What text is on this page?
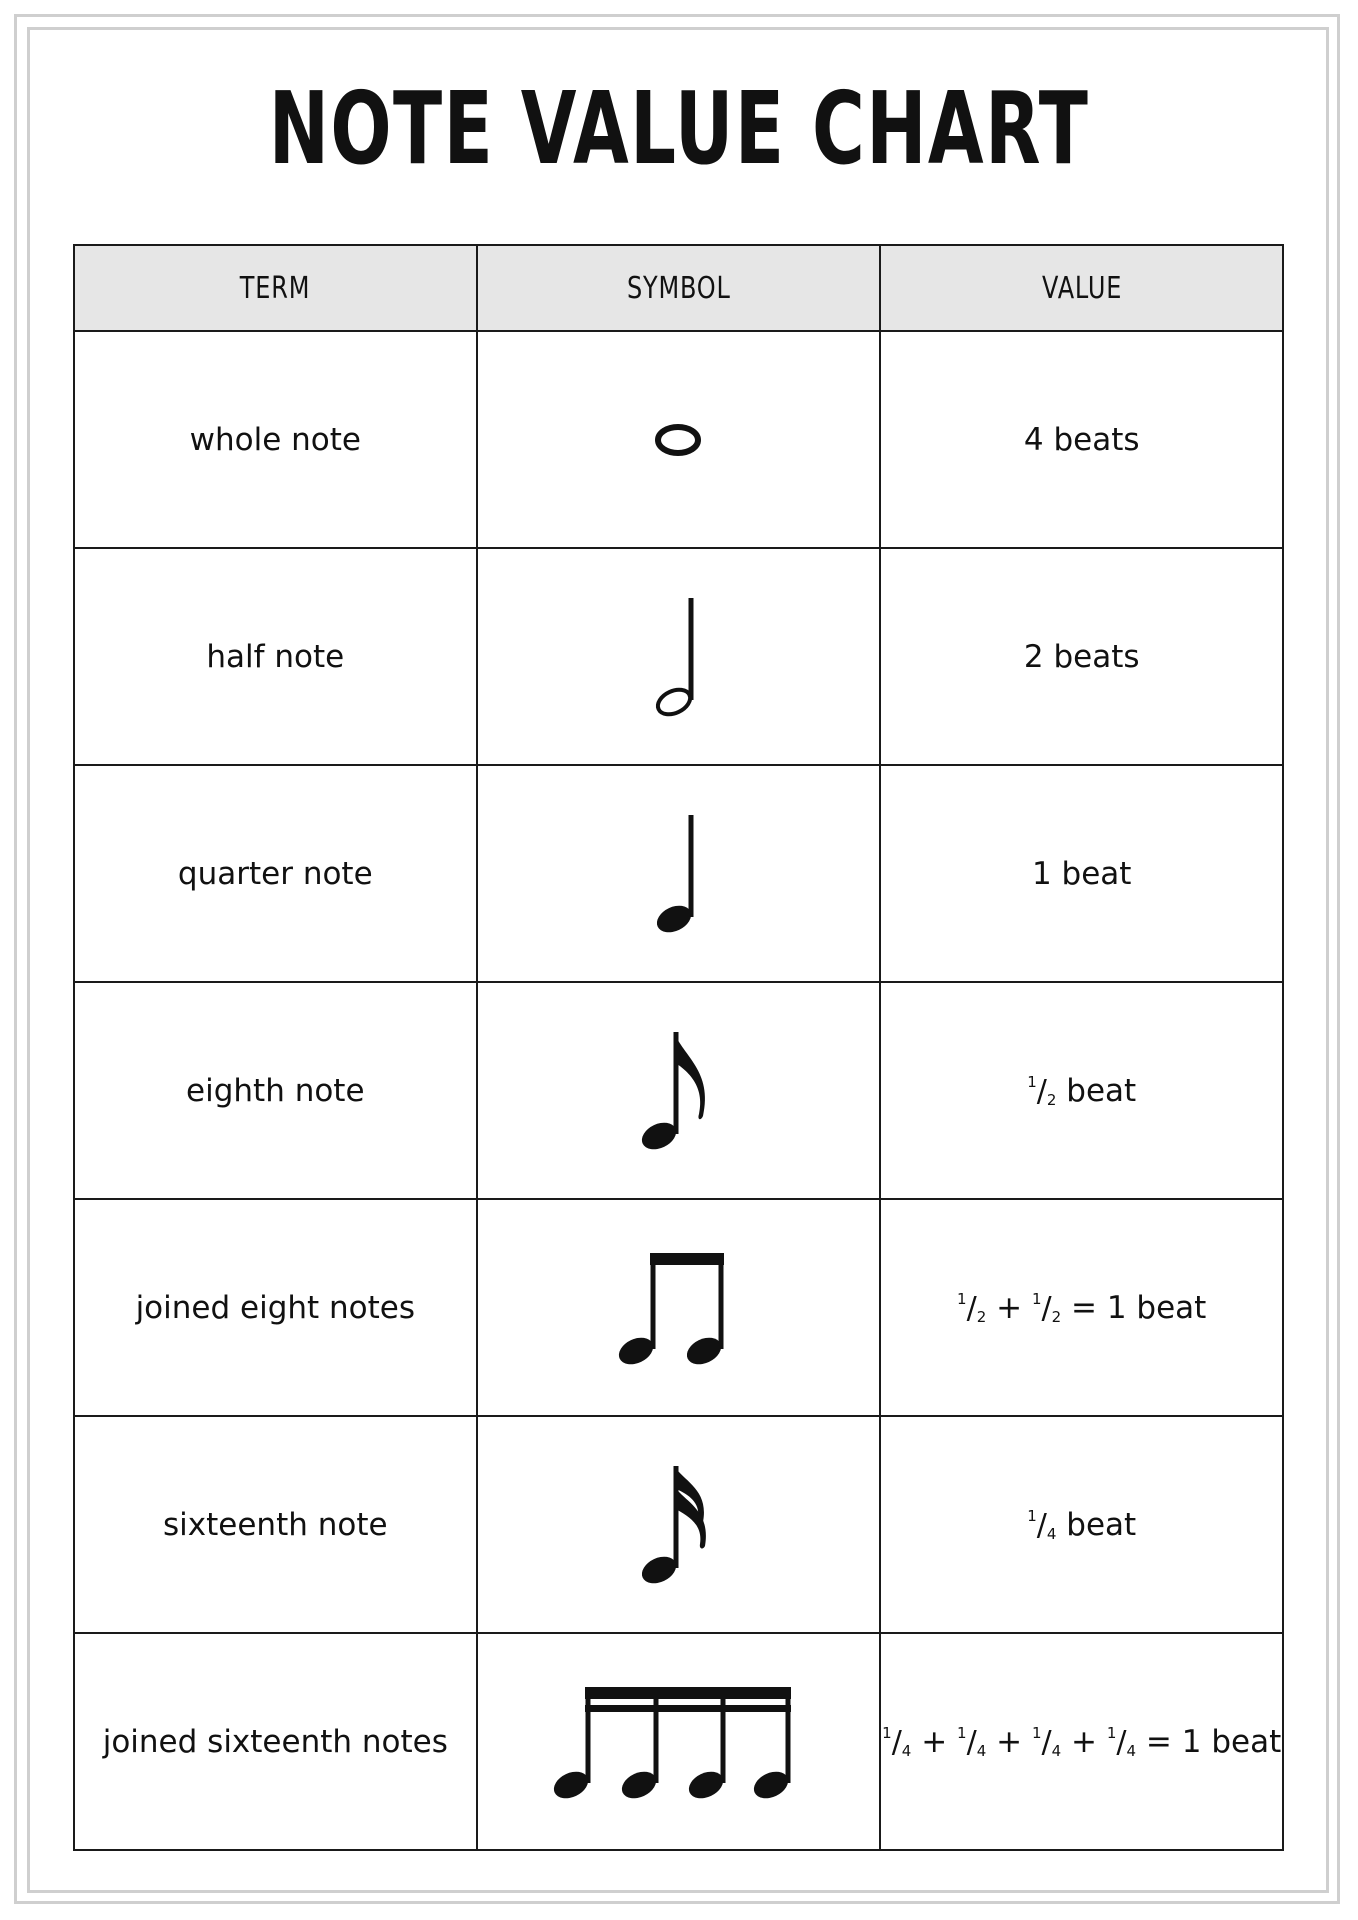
NOTE VALUE CHART
TERM	SYMBOL	VALUE
whole note		4 beats
half note		2 beats
quarter note		1 beat
eighth note		$^1/_2$ beat
joined eight notes		$^1/_2 + ^1/_2 = 1$ beat
sixteenth note		$^1/_4$ beat
joined sixteenth notes		$^1/_4 + ^1/_4 + ^1/_4 + ^1/_4 = 1$ beat
